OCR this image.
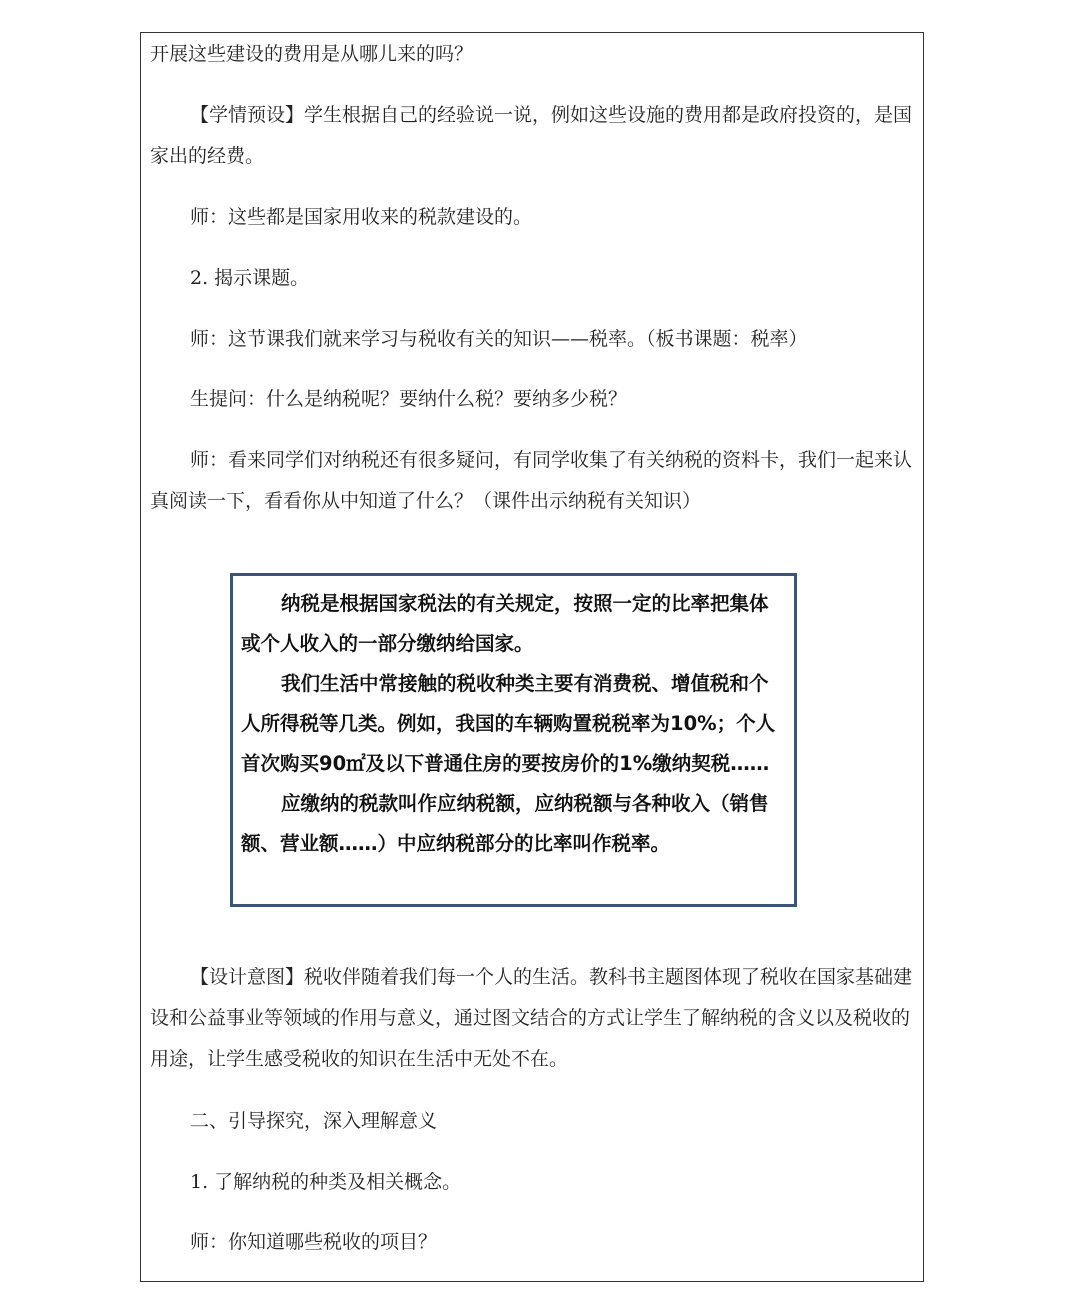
开展这些建设的费用是从哪儿来的吗？

【学情预设】学生根据自己的经验说一说，例如这些设施的费用都是政府投资的，是国家出的经费。

师：这些都是国家用收来的税款建设的。

2. 揭示课题。

师：这节课我们就来学习与税收有关的知识——税率。（板书课题：税率）

生提问：什么是纳税呢？要纳什么税？要纳多少税？

师：看来同学们对纳税还有很多疑问，有同学收集了有关纳税的资料卡，我们一起来认真阅读一下，看看你从中知道了什么？（课件出示纳税有关知识）

纳税是根据国家税法的有关规定，按照一定的比率把集体或个人收入的一部分缴纳给国家。

我们生活中常接触的税收种类主要有消费税、增值税和个人所得税等几类。例如，我国的车辆购置税税率为10%；个人首次购买90㎡及以下普通住房的要按房价的1%缴纳契税……

应缴纳的税款叫作应纳税额，应纳税额与各种收入（销售额、营业额……）中应纳税部分的比率叫作税率。

【设计意图】税收伴随着我们每一个人的生活。教科书主题图体现了税收在国家基础建设和公益事业等领域的作用与意义，通过图文结合的方式让学生了解纳税的含义以及税收的用途，让学生感受税收的知识在生活中无处不在。

二、引导探究，深入理解意义

1. 了解纳税的种类及相关概念。

师：你知道哪些税收的项目？
